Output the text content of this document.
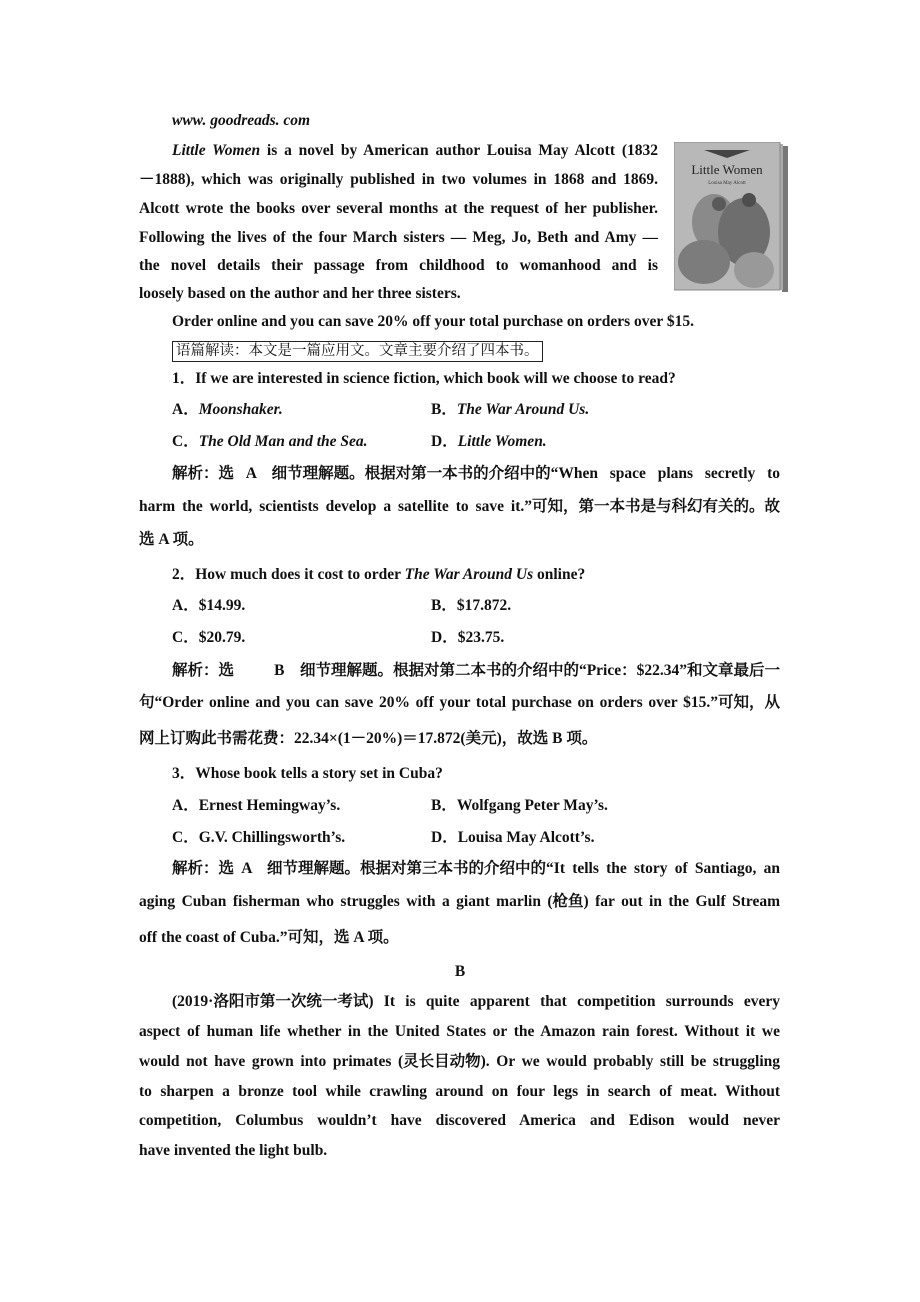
www. goodreads. com
Little Women is a novel by American author Louisa May Alcott (1832
－1888), which was originally published in two volumes in 1868 and 1869.
Alcott wrote the books over several months at the request of her publisher.
Following the lives of the four March sisters — Meg, Jo, Beth and Amy —
the novel details their passage from childhood to womanhood and is
loosely based on the author and her three sisters.
Little Women
Louisa May Alcott
Order online and you can save 20% off your total purchase on orders over $15.
语篇解读：本文是一篇应用文。文章主要介绍了四本书。
1．If we are interested in science fiction, which book will we choose to read?
A．Moonshaker.	B．The War Around Us.
C．The Old Man and the Sea.	D．Little Women.
解析：选 A　细节理解题。根据对第一本书的介绍中的“When space plans secretly to
harm the world, scientists develop a satellite to save it.”可知，第一本书是与科幻有关的。故
选 A 项。
2．How much does it cost to order The War Around Us online?
A．$14.99.	B．$17.872.
C．$20.79.	D．$23.75.
解析：选 B　细节理解题。根据对第二本书的介绍中的“Price：$22.34”和文章最后一
句“Order online and you can save 20% off your total purchase on orders over $15.”可知，从
网上订购此书需花费：22.34×(1－20%)＝17.872(美元)，故选 B 项。
3．Whose book tells a story set in Cuba?
A．Ernest Hemingway’s.	B．Wolfgang Peter May’s.
C．G.V. Chillingsworth’s.	D．Louisa May Alcott’s.
解析：选 A　细节理解题。根据对第三本书的介绍中的“It tells the story of Santiago, an
aging Cuban fisherman who struggles with a giant marlin (枪鱼) far out in the Gulf Stream
off the coast of Cuba.”可知，选 A 项。
B
(2019·洛阳市第一次统一考试) It is quite apparent that competition surrounds every
aspect of human life whether in the United States or the Amazon rain forest. Without it we
would not have grown into primates (灵长目动物). Or we would probably still be struggling
to sharpen a bronze tool while crawling around on four legs in search of meat. Without
competition, Columbus wouldn’t have discovered America and Edison would never
have invented the light bulb.
